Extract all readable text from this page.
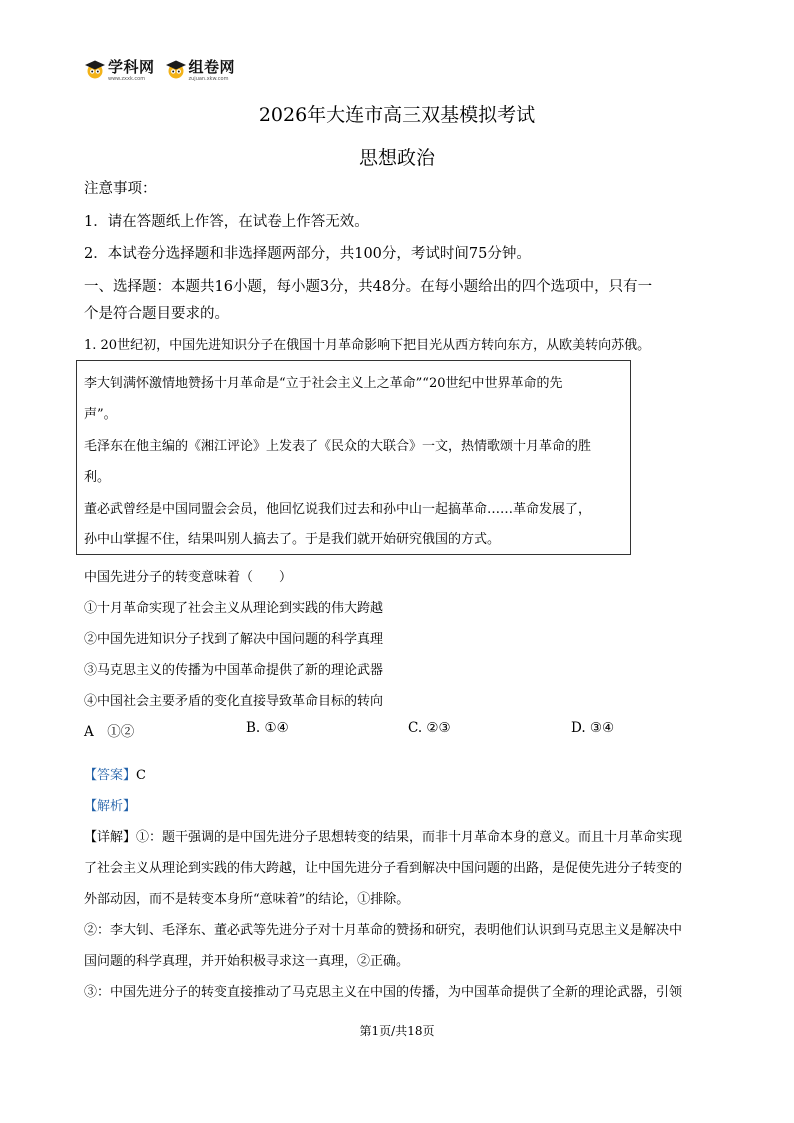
学科网
www.zxxk.com
组卷网
zujuan.xkw.com
2026年大连市高三双基模拟考试
思想政治
注意事项：
1．请在答题纸上作答，在试卷上作答无效。
2．本试卷分选择题和非选择题两部分，共100分，考试时间75分钟。
一、选择题：本题共16小题，每小题3分，共48分。在每小题给出的四个选项中，只有一
个是符合题目要求的。
1. 20世纪初，中国先进知识分子在俄国十月革命影响下把目光从西方转向东方，从欧美转向苏俄。
李大钊满怀激情地赞扬十月革命是“立于社会主义上之革命”“20世纪中世界革命的先
声”。
毛泽东在他主编的《湘江评论》上发表了《民众的大联合》一文，热情歌颂十月革命的胜
利。
董必武曾经是中国同盟会会员，他回忆说我们过去和孙中山一起搞革命……革命发展了，
孙中山掌握不住，结果叫别人搞去了。于是我们就开始研究俄国的方式。
中国先进分子的转变意味着（　　）
①十月革命实现了社会主义从理论到实践的伟大跨越
②中国先进知识分子找到了解决中国问题的科学真理
③马克思主义的传播为中国革命提供了新的理论武器
④中国社会主要矛盾的变化直接导致革命目标的转向
A　①②	B. ①④	C. ②③	D. ③④
【答案】C
【解析】
【详解】①：题干强调的是中国先进分子思想转变的结果，而非十月革命本身的意义。而且十月革命实现
了社会主义从理论到实践的伟大跨越，让中国先进分子看到解决中国问题的出路，是促使先进分子转变的
外部动因，而不是转变本身所“意味着”的结论，①排除。
②：李大钊、毛泽东、董必武等先进分子对十月革命的赞扬和研究，表明他们认识到马克思主义是解决中
国问题的科学真理，并开始积极寻求这一真理，②正确。
③：中国先进分子的转变直接推动了马克思主义在中国的传播，为中国革命提供了全新的理论武器，引领
第1页/共18页
